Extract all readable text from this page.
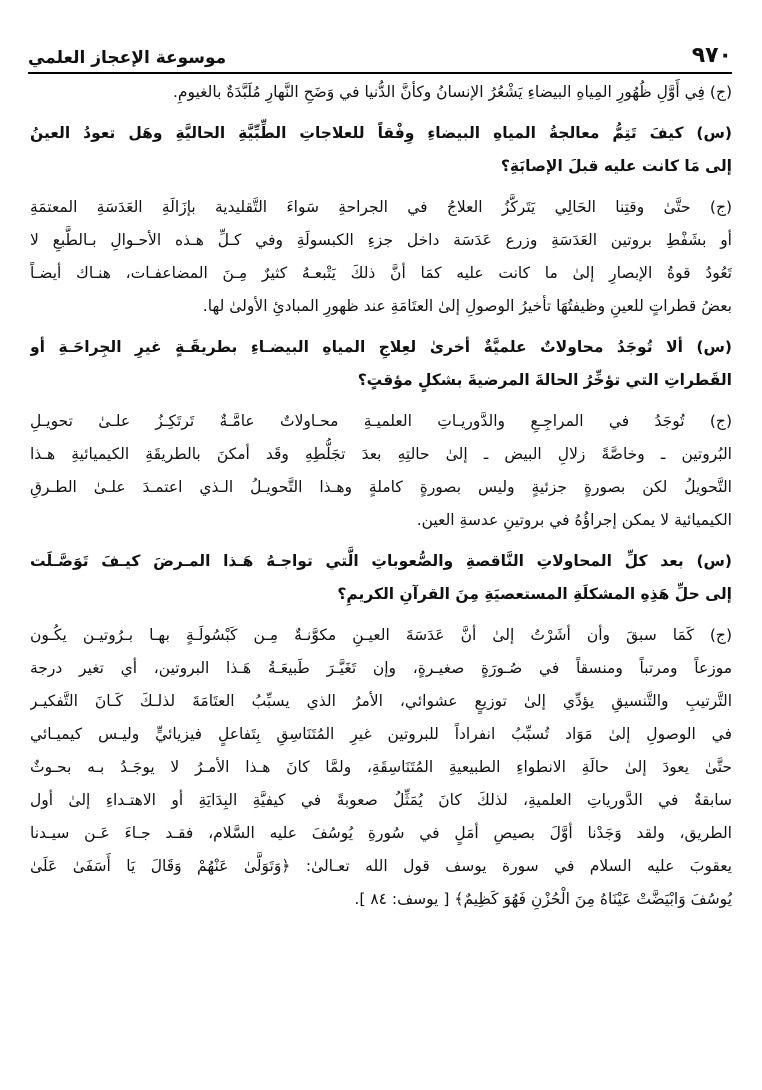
٩٧٠
موسوعة الإعجاز العلمي
(ج) فِي أَوَّلِ ظُهُورِ المِياهِ البيضاءِ يَشْعُرُ الإنسانُ وكأنَّ الدُّنيا في وَضَحِ النَّهارِ مُلَبَّدَةٌ بالغيومِ.
(س) كيفَ تَتِمُّ معالجةُ المياهِ البيضاءِ وِفْقاً للعلاجاتِ الطِّبِّيَّةِ الحاليَّةِ وهَل تعودُ العينُ
إلى مَا كانت عليه قبلَ الإصابَةِ؟
(ج) حتَّىٰ وقتِنا الحَالِي يَتَركَّزُ العلاجُ في الجراحةِ سَواءَ التَّقليدية بإزَالَةِ العَدَسَةِ المعتمَةِ
أو بشَفْطِ بروتين العَدَسَةِ وزرع عَدَسَة داخل جزءِ الكبسولَةِ وفي كـلِّ هـذه الأحـوالِ بـالطَّبعِ لا
تَعُودُ قوةُ الإبصارِ إلىٰ ما كانت عليه كمَا أنَّ ذلكَ يَتْبعـهُ كثيرٌ مِـنَ المضاعفـات، هنـاك أيضـاً
بعضُ قطراتٍ للعينِ وظيفتُهَا تأخيرُ الوصولِ إلىٰ العتَامَةِ عند ظهورِ المبادئِ الأولىٰ لها.
(س) ألا تُوجَدُ محاولاتٌ علميَّةٌ أخرىٰ لعِلاجِ المياهِ البيضـاءِ بطريقَـةٍ غيرِ الجِراحَـةِ أو
القَطراتِ التي تؤخِّرُ الحالةَ المرضيةَ بشكلٍ مؤقتٍ؟
(ج) تُوجَدُ في المراجِـعِ والدَّوريـاتِ العلميـةِ محـاولاتٌ عامَّـةٌ تَرتَكِـزُ علـىٰ تحويـلِ
البُروتين ـ وخاصَّةً زلالِ البيض ـ إلىٰ حالتِهِ بعدَ تجَلُّطِهِ وقَد أمكنَ بالطريقَةِ الكيميائيةِ هـذا
التَّحويلُ لكن بصورةٍ جزئيةٍ وليس بصورةٍ كاملةٍ وهـذا التَّحويـلُ الـذي اعتمـدَ علـىٰ الطـرقِ
الكيميائية لا يمكن إجراؤُهُ في بروتينِ عدسةِ العين.
(س) بعد كلِّ المحاولاتِ النَّاقصةِ والصُّعوباتِ الَّتي تواجـهُ هَـذا المـرضَ كيـفَ تَوَصَّـلَت
إلى حلِّ هَذِهِ المشكلَةِ المستعصيَةِ مِنَ القرآنِ الكريمِ؟
(ج) كَمَا سبقَ وأن أشَرْتُ إلىٰ أنَّ عَدَسَةَ العيـنِ مكوَّنـةٌ مِـن كَبْسُولَـةٍ بهـا بـرُوتيـن يكُـون
موزعاً ومرتباً ومنسقاً في صُـورَةٍ صغيـرةٍ، وإن تَغَيَّـرَ طَبيعَـةُ هَـذا البروتين، أي تغير درجة
التَّرتيبِ والتَّنسيقِ يؤدِّي إلىٰ توزيعٍ عشوائي، الأمرُ الذي يسبِّبُ العتَامَةَ لذلـكَ كَـانَ التَّفكيـر
في الوصولِ إلىٰ مَوَاد تُسبِّبُ انفراداً للبروتين غيرِ المُتَنَاسِقِ بِتَفاعلٍ فيزيائيٍّ وليـس كيميـائي
حتَّىٰ يعودَ إلىٰ حالَةِ الانطواءِ الطبيعيةِ المُتَنَاسِقَةِ، ولمَّا كانَ هـذا الأمـرُ لا يوجَـدُ بـه بحـوثٌ
سابقةٌ في الدَّورياتِ العلميةِ، لذلكَ كانَ يُمَثِّلُ صعوبةً في كيفيَّةِ البِدَايَةِ أو الاهتـداءِ إلىٰ أول
الطريق، ولقد وَجَدْنا أوَّلَ بصيصِ أمَلٍ في سُورةِ يُوسُفَ عليه السَّلام، فقـد جـاءَ عَـن سيـدنا
يعقوبَ عليه السلام في سورة يوسف قول الله تعـالىٰ: ﴿وَتَوَلَّىٰ عَنْهُمْ وَقَالَ يَا أَسَفَىٰ عَلَىٰ
يُوسُفَ وَابْيَضَّتْ عَيْنَاهُ مِنَ الْحُزْنِ فَهُوَ كَظِيمٌ﴾ [ يوسف: ٨٤ ].
